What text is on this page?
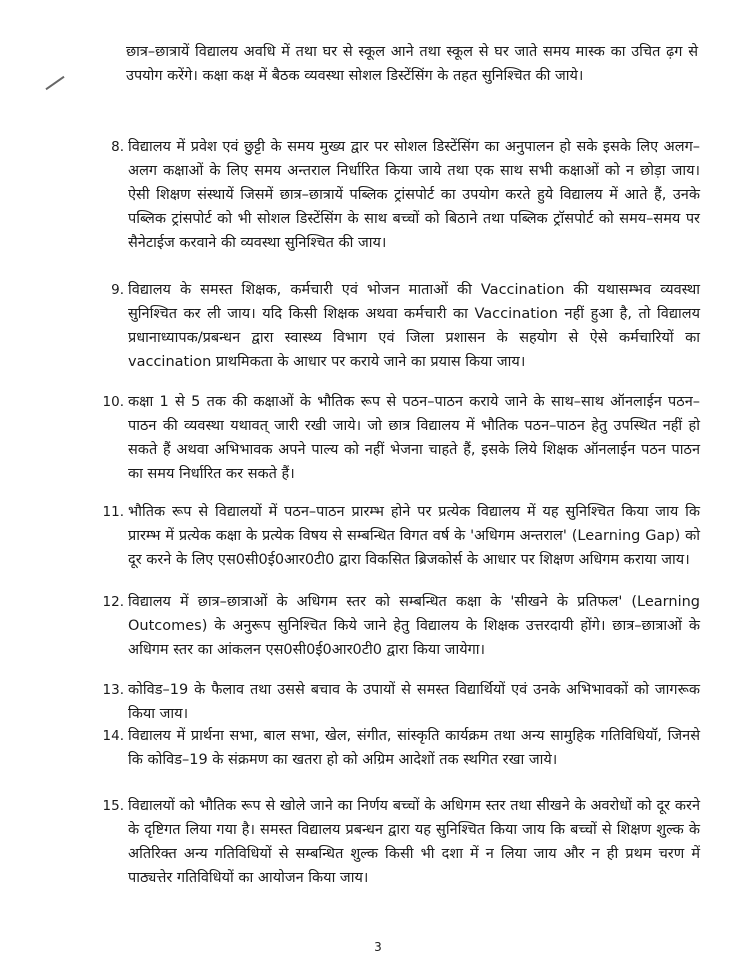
छात्र–छात्रायें विद्यालय अवधि में तथा घर से स्कूल आने तथा स्कूल से घर जाते समय मास्क का उचित ढ़ग से उपयोग करेंगे। कक्षा कक्ष में बैठक व्यवस्था सोशल डिस्टेंसिंग के तहत सुनिश्चित की जाये।
8. विद्यालय में प्रवेश एवं छुट्टी के समय मुख्य द्वार पर सोशल डिस्टेंसिंग का अनुपालन हो सके इसके लिए अलग–अलग कक्षाओं के लिए समय अन्तराल निर्धारित किया जाये तथा एक साथ सभी कक्षाओं को न छोड़ा जाय। ऐसी शिक्षण संस्थायें जिसमें छात्र–छात्रायें पब्लिक ट्रांसपोर्ट का उपयोग करते हुये विद्यालय में आते हैं, उनके पब्लिक ट्रांसपोर्ट को भी सोशल डिस्टेंसिंग के साथ बच्चों को बिठाने तथा पब्लिक ट्रॉसपोर्ट को समय–समय पर सैनेटाईज करवाने की व्यवस्था सुनिश्चित की जाय।
9. विद्यालय के समस्त शिक्षक, कर्मचारी एवं भोजन माताओं की Vaccination की यथासम्भव व्यवस्था सुनिश्चित कर ली जाय। यदि किसी शिक्षक अथवा कर्मचारी का Vaccination नहीं हुआ है, तो विद्यालय प्रधानाध्यापक/प्रबन्धन द्वारा स्वास्थ्य विभाग एवं जिला प्रशासन के सहयोग से ऐसे कर्मचारियों का vaccination प्राथमिकता के आधार पर कराये जाने का प्रयास किया जाय।
10. कक्षा 1 से 5 तक की कक्षाओं के भौतिक रूप से पठन–पाठन कराये जाने के साथ–साथ ऑनलाईन पठन–पाठन की व्यवस्था यथावत् जारी रखी जाये। जो छात्र विद्यालय में भौतिक पठन–पाठन हेतु उपस्थित नहीं हो सकते हैं अथवा अभिभावक अपने पाल्य को नहीं भेजना चाहते हैं, इसके लिये शिक्षक ऑनलाईन पठन पाठन का समय निर्धारित कर सकते हैं।
11. भौतिक रूप से विद्यालयों में पठन–पाठन प्रारम्भ होने पर प्रत्येक विद्यालय में यह सुनिश्चित किया जाय कि प्रारम्भ में प्रत्येक कक्षा के प्रत्येक विषय से सम्बन्धित विगत वर्ष के 'अधिगम अन्तराल' (Learning Gap) को दूर करने के लिए एस0सी0ई0आर0टी0 द्वारा विकसित ब्रिजकोर्स के आधार पर शिक्षण अधिगम कराया जाय।
12. विद्यालय में छात्र–छात्राओं के अधिगम स्तर को सम्बन्धित कक्षा के 'सीखने के प्रतिफल' (Learning Outcomes) के अनुरूप सुनिश्चित किये जाने हेतु विद्यालय के शिक्षक उत्तरदायी होंगे। छात्र–छात्राओं के अधिगम स्तर का आंकलन एस0सी0ई0आर0टी0 द्वारा किया जायेगा।
13. कोविड–19 के फैलाव तथा उससे बचाव के उपायों से समस्त विद्यार्थियों एवं उनके अभिभावकों को जागरूक किया जाय।
14. विद्यालय में प्रार्थना सभा, बाल सभा, खेल, संगीत, सांस्कृति कार्यक्रम तथा अन्य सामुहिक गतिविधियॉ, जिनसे कि कोविड–19 के संक्रमण का खतरा हो को अग्रिम आदेशों तक स्थगित रखा जाये।
15. विद्यालयों को भौतिक रूप से खोले जाने का निर्णय बच्चों के अधिगम स्तर तथा सीखने के अवरोधों को दूर करने के दृष्टिगत लिया गया है। समस्त विद्यालय प्रबन्धन द्वारा यह सुनिश्चित किया जाय कि बच्चों से शिक्षण शुल्क के अतिरिक्त अन्य गतिविधियों से सम्बन्धित शुल्क किसी भी दशा में न लिया जाय और न ही प्रथम चरण में पाठ्यत्तेर गतिविधियों का आयोजन किया जाय।
3
